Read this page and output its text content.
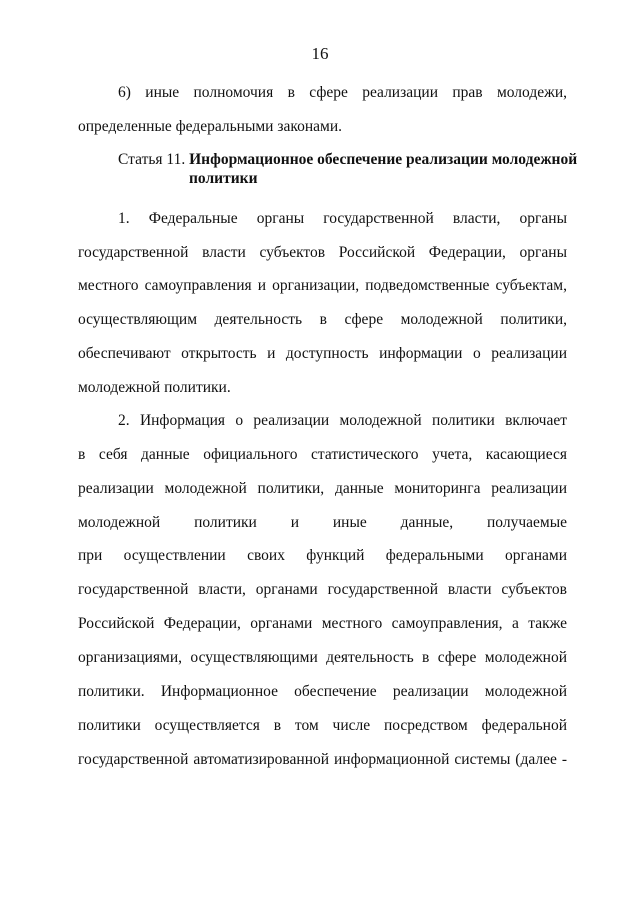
16
6) иные полномочия в сфере реализации прав молодежи,
определенные федеральными законами.
Статья 11. Информационное обеспечение реализации молодежной
политики
1. Федеральные органы государственной власти, органы
государственной власти субъектов Российской Федерации, органы
местного самоуправления и организации, подведомственные субъектам,
осуществляющим деятельность в сфере молодежной политики,
обеспечивают открытость и доступность информации о реализации
молодежной политики.
2. Информация о реализации молодежной политики включает
в себя данные официального статистического учета, касающиеся
реализации молодежной политики, данные мониторинга реализации
молодежной политики и иные данные, получаемые
при осуществлении своих функций федеральными органами
государственной власти, органами государственной власти субъектов
Российской Федерации, органами местного самоуправления, а также
организациями, осуществляющими деятельность в сфере молодежной
политики. Информационное обеспечение реализации молодежной
политики осуществляется в том числе посредством федеральной
государственной автоматизированной информационной системы (далее -
